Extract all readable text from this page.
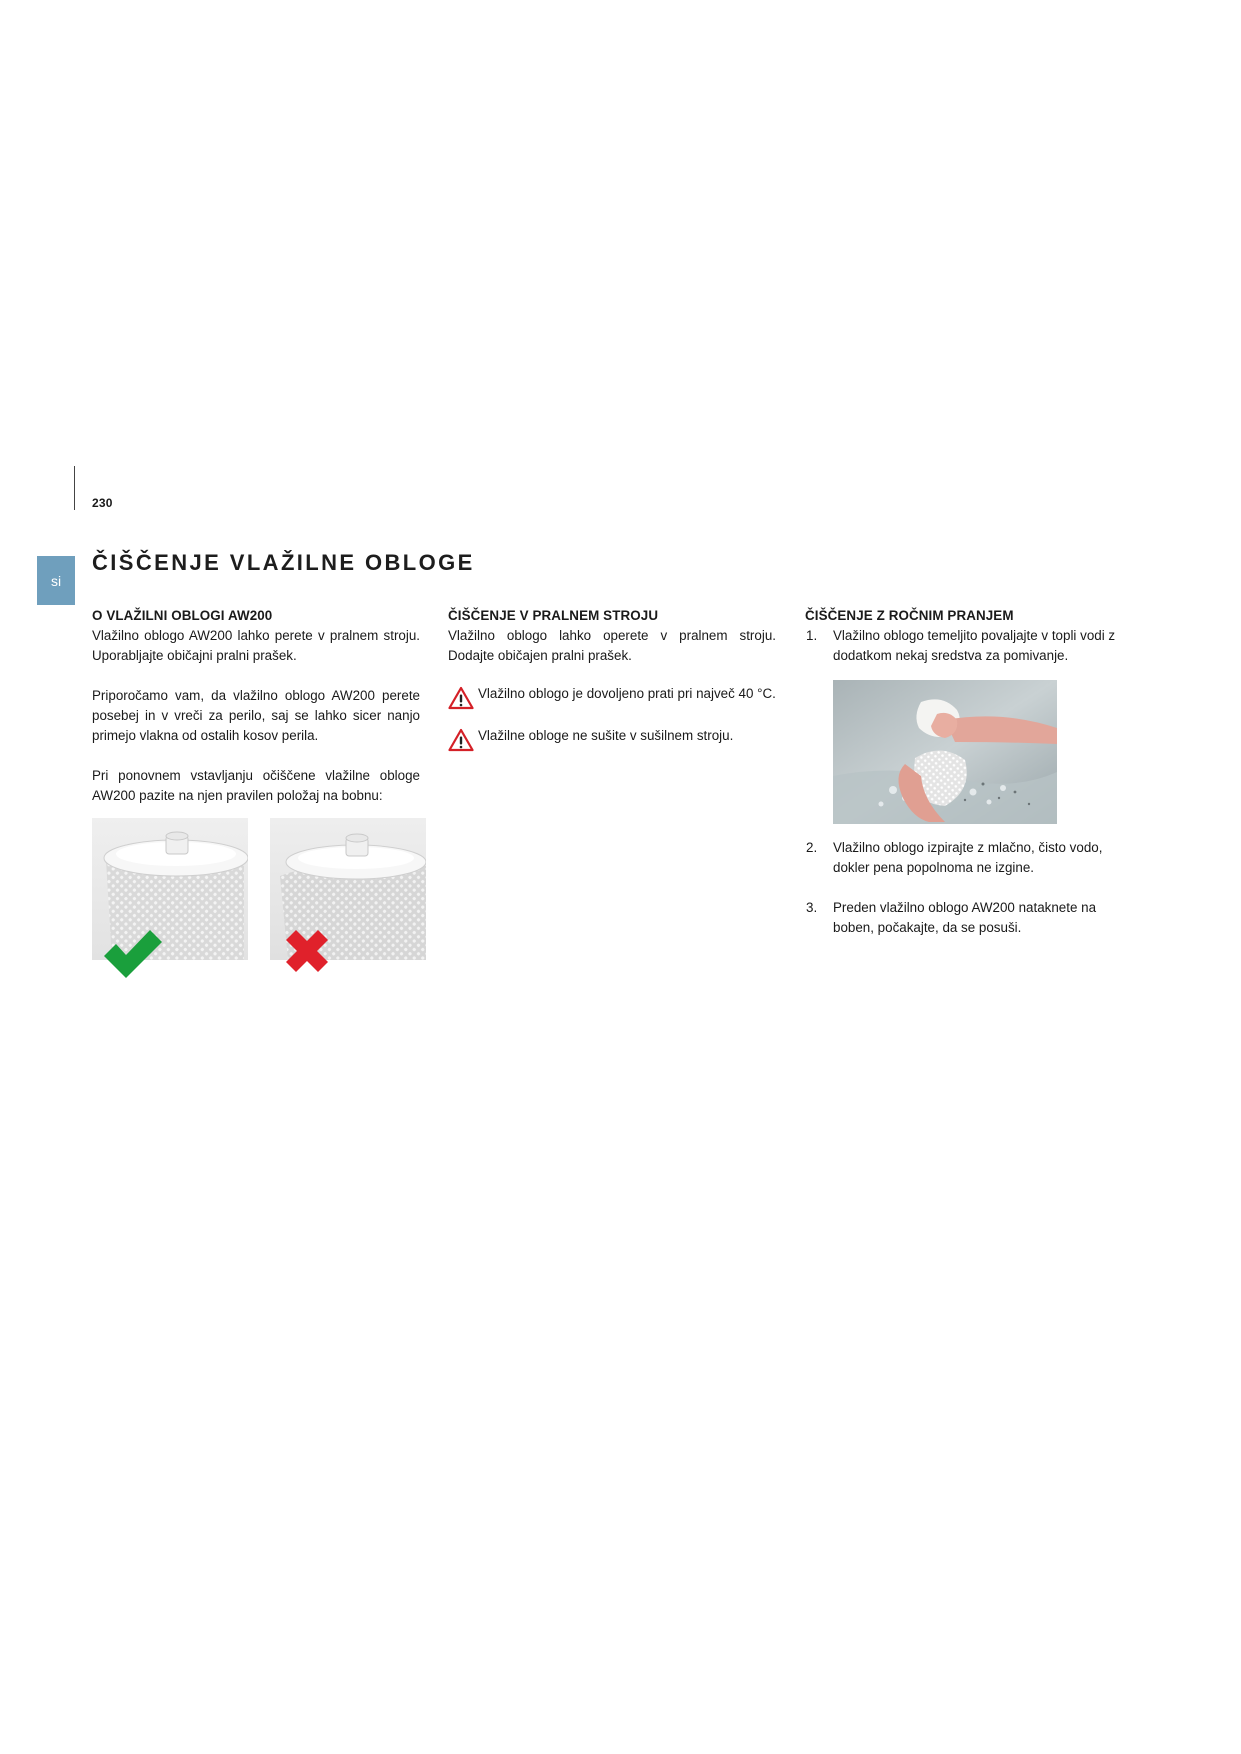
230
si
ČIŠČENJE VLAŽILNE OBLOGE
O VLAŽILNI OBLOGI AW200

Vlažilno oblogo AW200 lahko perete v pralnem stroju. Uporabljajte običajni pralni prašek.

Priporočamo vam, da vlažilno oblogo AW200 perete posebej in v vreči za perilo, saj se lahko sicer nanjo primejo vlakna od ostalih kosov perila.

Pri ponovnem vstavljanju očiščene vlažilne obloge AW200 pazite na njen pravilen položaj na bobnu:

ČIŠČENJE V PRALNEM STROJU

Vlažilno oblogo lahko operete v pralnem stroju. Dodajte običajen pralni prašek.

Vlažilno oblogo je dovoljeno prati pri največ 40 °C.
Vlažilne obloge ne sušite v sušilnem stroju.
ČIŠČENJE Z ROČNIM PRANJEM
1. Vlažilno oblogo temeljito povaljajte v topli vodi z dodatkom nekaj sredstva za pomivanje.
2. Vlažilno oblogo izpirajte z mlačno, čisto vodo, dokler pena popolnoma ne izgine.
3. Preden vlažilno oblogo AW200 nataknete na boben, počakajte, da se posuši.
